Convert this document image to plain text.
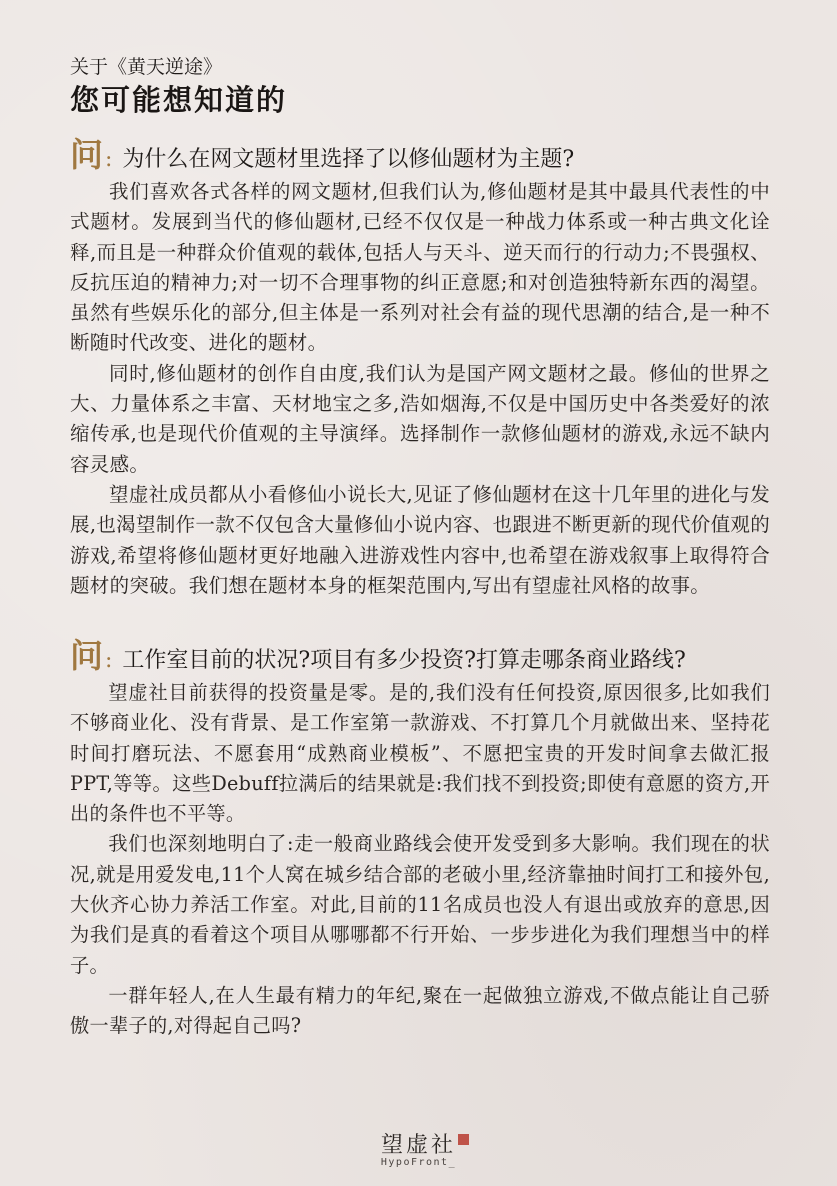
关于《黄天逆途》
您可能想知道的
问 : 为什么在网文题材里选择了以修仙题材为主题?

我们喜欢各式各样的网文题材,但我们认为,修仙题材是其中最具代表性的中式题材。发展到当代的修仙题材,已经不仅仅是一种战力体系或一种古典文化诠释,而且是一种群众价值观的载体,包括人与天斗、逆天而行的行动力;不畏强权、反抗压迫的精神力;对一切不合理事物的纠正意愿;和对创造独特新东西的渴望。虽然有些娱乐化的部分,但主体是一系列对社会有益的现代思潮的结合,是一种不断随时代改变、进化的题材。

同时,修仙题材的创作自由度,我们认为是国产网文题材之最。修仙的世界之大、力量体系之丰富、天材地宝之多,浩如烟海,不仅是中国历史中各类爱好的浓缩传承,也是现代价值观的主导演绎。选择制作一款修仙题材的游戏,永远不缺内容灵感。

望虚社成员都从小看修仙小说长大,见证了修仙题材在这十几年里的进化与发展,也渴望制作一款不仅包含大量修仙小说内容、也跟进不断更新的现代价值观的游戏,希望将修仙题材更好地融入进游戏性内容中,也希望在游戏叙事上取得符合题材的突破。我们想在题材本身的框架范围内,写出有望虚社风格的故事。

问 : 工作室目前的状况?项目有多少投资?打算走哪条商业路线?

望虚社目前获得的投资量是零。是的,我们没有任何投资,原因很多,比如我们不够商业化、没有背景、是工作室第一款游戏、不打算几个月就做出来、坚持花时间打磨玩法、不愿套用“成熟商业模板”、不愿把宝贵的开发时间拿去做汇报PPT,等等。这些Debuff拉满后的结果就是:我们找不到投资;即使有意愿的资方,开出的条件也不平等。

我们也深刻地明白了:走一般商业路线会使开发受到多大影响。我们现在的状况,就是用爱发电,11个人窝在城乡结合部的老破小里,经济靠抽时间打工和接外包,大伙齐心协力养活工作室。对此,目前的11名成员也没人有退出或放弃的意思,因为我们是真的看着这个项目从哪哪都不行开始、一步步进化为我们理想当中的样子。

一群年轻人,在人生最有精力的年纪,聚在一起做独立游戏,不做点能让自己骄傲一辈子的,对得起自己吗?

望虚社
HypoFront_
